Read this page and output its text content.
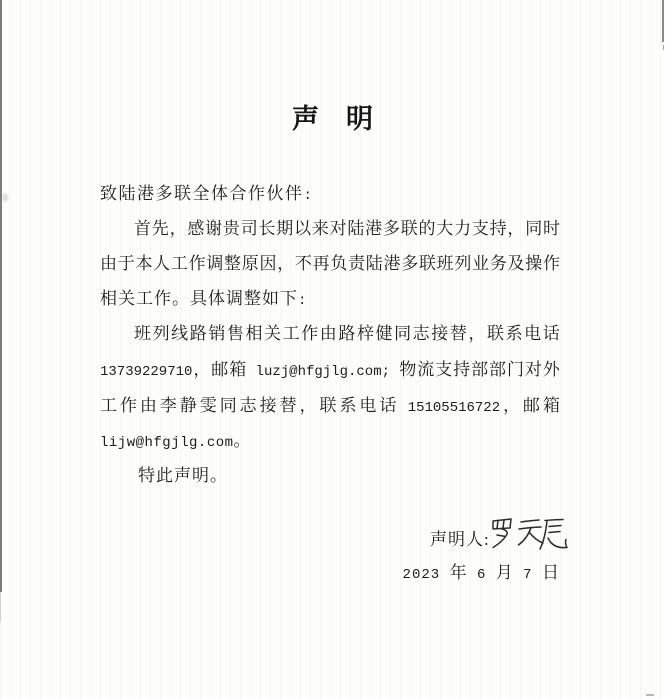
声　明
致陆港多联全体合作伙伴:
首 先 ， 感 谢 贵 司 长 期 以 来 对 陆 港 多 联 的 大 力 支 持 ， 同 时
由 于 本 人 工 作 调 整 原 因 ， 不 再 负 责 陆 港 多 联 班 列 业 务 及 操 作
相关工作。具体调整如下:
班 列 线 路 销 售 相 关 工 作 由 路 梓 健 同 志 接 替 ， 联 系 电 话
13739229710 ， 邮 箱 luzj@hfgjlg.com; 物 流 支 持 部 部 门 对 外
工 作 由 李 静 雯 同 志 接 替 ， 联 系 电 话 15105516722 ， 邮 箱
lijw@hfgjlg.com。
特此声明。
声明人:
2023 年 6 月 7 日
